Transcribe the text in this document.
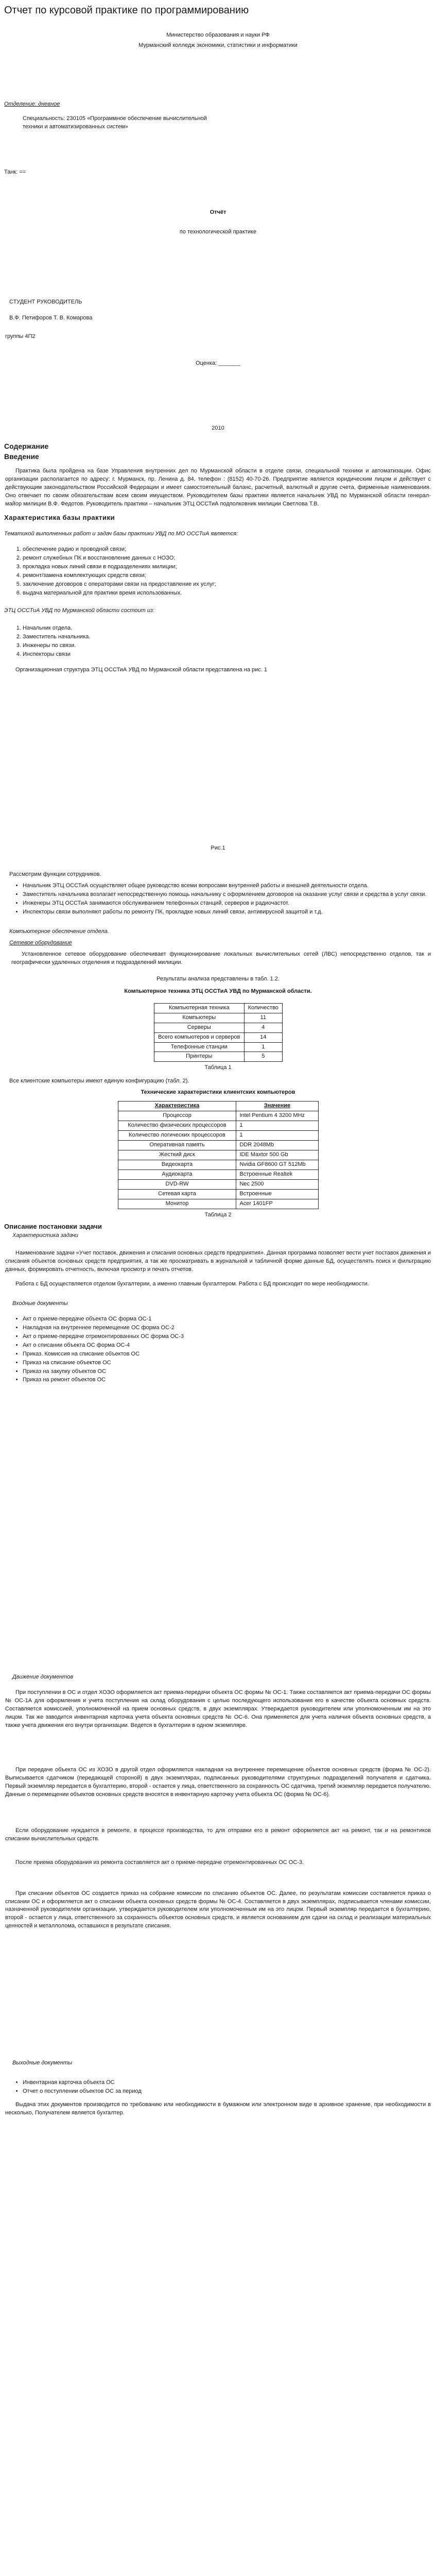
Отчет по курсовой практике по программированию

Министерство образования и науки РФ

Мурманский колледж экономики, статистики и информатики

Отделение: дневное

Специальность: 230105 «Программное обеспечение вычислительной

техники и автоматизированных систем»

Танк: ==

Отчёт

по технологической практике

СТУДЕНТ РУКОВОДИТЕЛЬ

В.Ф. Петифоров Т. В. Комарова

группы 4П2

Оценка: _______

2010

Содержание

Введение

Практика была пройдена на базе Управления внутренних дел по Мурманской области в отделе связи, специальной техники и автоматизации. Офис организации располагается по адресу: г. Мурманск, пр. Ленина д. 84, телефон : (8152) 40-70-26. Предприятие является юридическим лицом и действует с действующим законодательством Российской Федерации и имеет самостоятельный баланс, расчетный, валютный и другие счета, фирменные наименования. Оно отвечает по своим обязательствам всем своим имуществом. Руководителем базы практики является начальник УВД по Мурманской области генерал-майор милиции В.Ф. Федотов. Руководитель практики – начальник ЭТЦ ОССТиА подполковник милиции Светлова Т.В.

Характеристика базы практики

Тематикой выполненных работ и задач базы практики УВД по МО ОССТиА является:

1. обеспечение радио и проводной связи;
2. ремонт служебных ПК и восстановление данных с НОЗО;
3. прокладка новых линий связи в подразделениях милиции;
4. ремонт/замена комплектующих средств связи;
5. заключение договоров с операторами связи на предоставление их услуг;
6. выдача материальной для практики время использованных.

ЭТЦ ОССТиА УВД по Мурманской области состоит из:

1. Начальник отдела.
2. Заместитель начальника.
3. Инженеры по связи.
4. Инспекторы связи

Организационная структура ЭТЦ ОССТиА УВД по Мурманской области представлена на рис. 1

Рис.1

Рассмотрим функции сотрудников.

• Начальник ЭТЦ ОССТиА осуществляет общее руководство всеми вопросами внутренней работы и внешней деятельности отдела.
• Заместитель начальника возлагает непосредственную помощь начальнику с оформлением договоров на оказание услуг связи и средства в услуг связи.
• Инженеры ЭТЦ ОССТиА занимаются обслуживанием телефонных станций, серверов и радиочастот.
• Инспекторы связи выполняют работы по ремонту ПК, прокладке новых линий связи, антивирусной защитой и т.д.

Компьютерное обеспечение отдела.

Сетевое оборудование

Установленное сетевое оборудование обеспечивает функционирование локальных вычислительных сетей (ЛВС) непосредственно отделов, так и географически удаленных отделения и подразделений милиции.

Результаты анализа представлены в табл. 1.2.

Компьютерное техника ЭТЦ ОССТиА УВД по Мурманской области.

Компьютерная техника	Количество
Компьютеры	11
Серверы	4
Всего компьютеров и серверов	14
Телефонные станции	1
Принтеры	5

Таблица 1

Все клиентские компьютеры имеют единую конфигурацию (табл. 2).

Технические характеристики клиентских компьютеров

Характеристика	Значение
Процессор	Intel Pentium 4 3200 MHz
Количество физических процессоров	1
Количество логических процессоров	1
Оперативная память	DDR 2048Mb
Жесткий диск	IDE Maxtor 500 Gb
Видеокарта	Nvidia GF8600 GT 512Mb
Аудиокарта	Встроенные Realtek
DVD-RW	Nec 2500
Сетевая карта	Встроенные
Монитор	Acer 1401FP

Таблица 2

Описание постановки задачи

Характеристика задачи

Наименование задачи «Учет поставок, движения и списания основных средств предприятия». Данная программа позволяет вести учет поставок движения и списания объектов основных средств предприятия, а так же просматривать в журнальной и табличной форме данные БД, осуществлять поиск и фильтрацию данных, формировать отчетность, включая просмотр и печать отчетов.

Работа с БД осуществляется отделом бухгалтерии, а именно главным бухгалтером. Работа с БД происходит по мере необходимости.

Входные документы

• Акт о приеме-передаче объекта ОС форма ОС-1
• Накладная на внутреннее перемещение ОС форма ОС-2
• Акт о приеме-передаче отремонтированных ОС форма ОС-3
• Акт о списании объекта ОС форма ОС-4
• Приказ. Комиссия на списание объектов ОС
• Приказ на списание объектов ОС
• Приказ на закупку объектов ОС
• Приказ на ремонт объектов ОС

Движение документов

При поступлении в ОС и отдел ХОЗО оформляется акт приема-передачи объекта ОС формы № ОС-1. Также составляется акт приема-передачи ОС формы № ОС-1А для оформления и учета поступления на склад оборудования с целью последующего использования его в качестве объекта основных средств. Составляется комиссией, уполномоченной на прием основных средств, в двух экземплярах. Утверждается руководителем или уполномоченным им на это лицом. Так же заводится инвентарная карточка учета объекта основных средств № ОС-6. Она применяется для учета наличия объекта основных средств, а также учета движения его внутри организации. Ведется в бухгалтерии в одном экземпляре.

При передаче объекта ОС из ХОЗО в другой отдел оформляется накладная на внутреннее перемещение объектов основных средств (форма № ОС-2). Выписывается сдатчиком (передающей стороной) в двух экземплярах, подписанных руководителями структурных подразделений получателя и сдатчика. Первый экземпляр передается в бухгалтерию, второй - остается у лица, ответственного за сохранность ОС сдатчика, третий экземпляр передается получателю. Данные о перемещении объектов основных средств вносятся в инвентарную карточку учета объекта ОС (форма № ОС-6).

Если оборудование нуждается в ремонте, в процессе производства, то для отправки его в ремонт оформляется акт на ремонт, так и на ремонтиков списании вычислительных средств.

После приема оборудования из ремонта составляется акт о приеме-передаче отремонтированных ОС ОС-3.

При списании объектов ОС создается приказ на собрание комиссии по списанию объектов ОС. Далее, по результатам комиссии составляется приказ о списании ОС и оформляется акт о списании объекта основных средств формы № ОС-4. Составляется в двух экземплярах, подписывается членами комиссии, назначенной руководителем организации, утверждается руководителем или уполномоченным им на это лицом. Первый экземпляр передается в бухгалтерию, второй - остается у лица, ответственного за сохранность объектов основных средств, и является основанием для сдачи на склад и реализации материальных ценностей и металлолома, оставшихся в результате списания.

Выходные документы

• Инвентарная карточка объекта ОС
• Отчет о поступлении объектов ОС за период

Выдача этих документов производится по требованию или необходимости в бумажном или электронном виде в архивное хранение, при необходимости в несколько, Получателем является бухгалтер.
